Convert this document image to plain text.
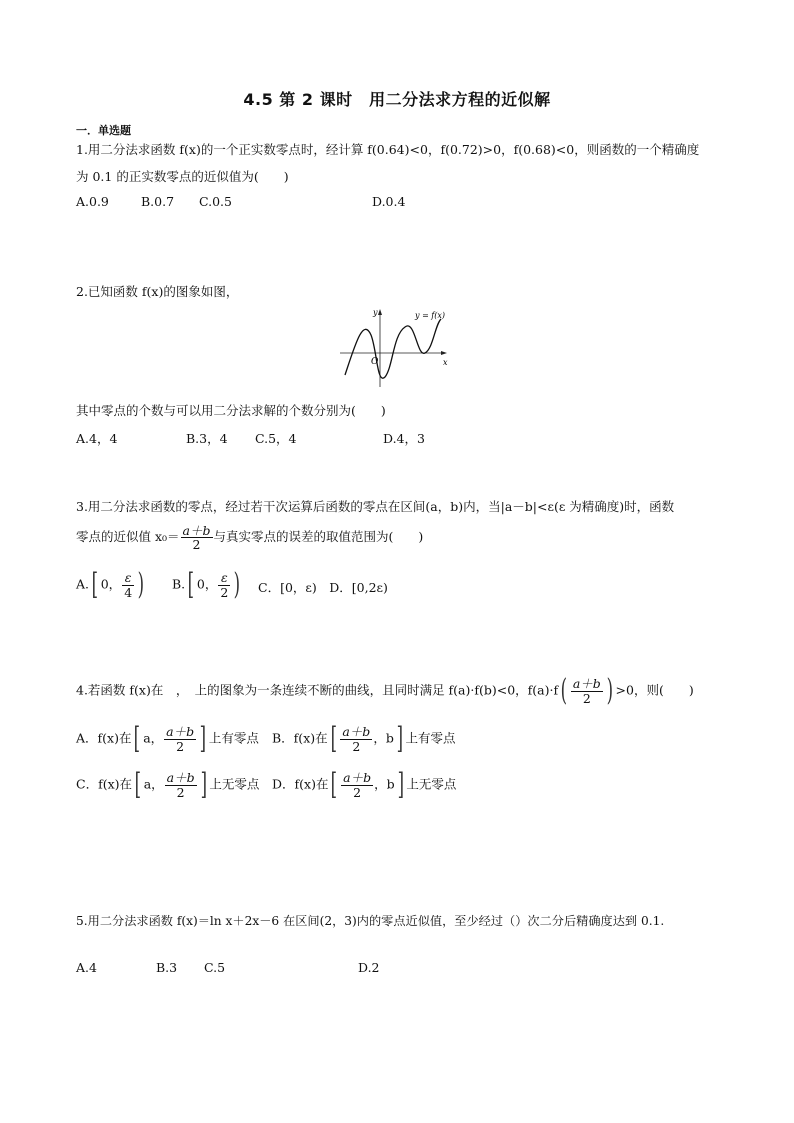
4.5 第 2 课时　用二分法求方程的近似解
一．单选题
1.用二分法求函数 f(x)的一个正实数零点时，经计算 f(0.64)<0，f(0.72)>0，f(0.68)<0，则函数的一个精确度
为 0.1 的正实数零点的近似值为(　　)
A.0.9	B.0.7 C.0.5	D.0.4
2.已知函数 f(x)的图象如图，
y
x
O
y = f(x)
其中零点的个数与可以用二分法求解的个数分别为(　　)
A.4，4	B.3，4 C.5，4	D.4，3
3.用二分法求函数的零点，经过若干次运算后函数的零点在区间(a，b)内，当|a－b|<ε(ε 为精确度)时，函数
零点的近似值 $x_0= \frac{a+b}{2}$ 与真实零点的误差的取值范围为(　　)
A.[ 0， $\frac{\varepsilon}{4}$ ) B.[ 0， $\frac{\varepsilon}{2}$ ) C．[0，ε)　D．[0,2ε)
4.若函数 f(x)在　，　上的图象为一条连续不断的曲线，且同时满足 f(a)·f(b)<0，$f(a)\cdot f( \frac{a+b}{2}$ ) >0，则(　　)
A．f(x)在[ a， $\frac{a+b}{2}$ ] 上有零点 B．f(x)在[ $\frac{a+b}{2}$ ，b] 上有零点
C．f(x)在[ a， $\frac{a+b}{2}$ ] 上无零点 D．f(x)在[ $\frac{a+b}{2}$ ，b] 上无零点
5.用二分法求函数 f(x)＝ln x＋2x－6 在区间(2，3)内的零点近似值，至少经过（）次二分后精确度达到 0.1.
A.4	B.3 C.5	D.2
